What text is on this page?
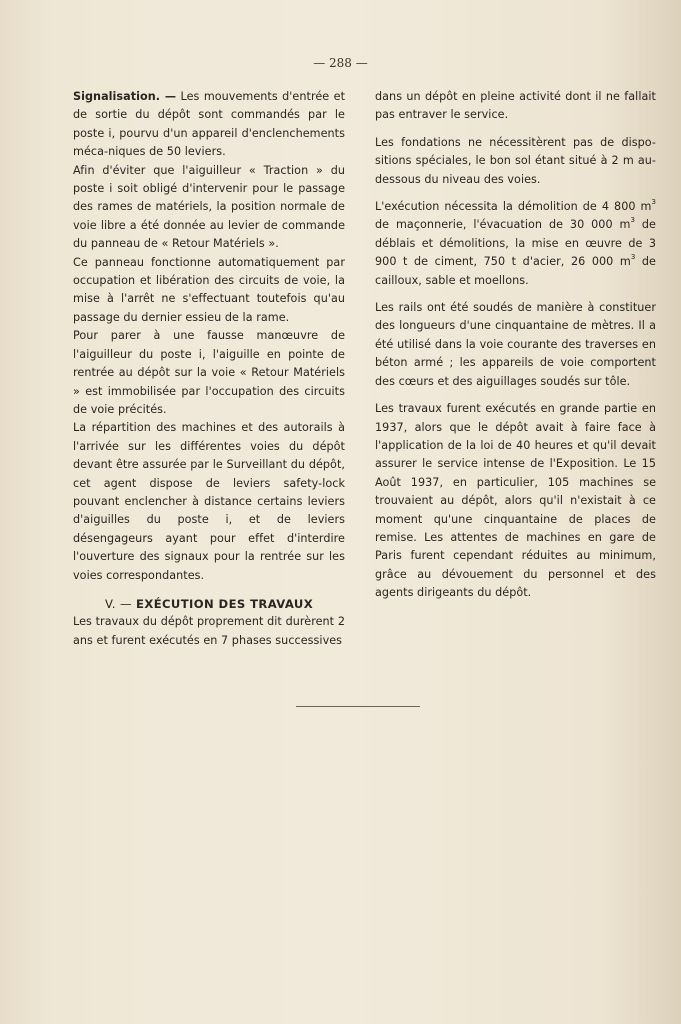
— 288 —

Signalisation. — Les mouvements d'entrée et de sortie du dépôt sont commandés par le poste i, pourvu d'un appareil d'enclenchements méca-niques de 50 leviers.

Afin d'éviter que l'aiguilleur « Traction » du poste i soit obligé d'intervenir pour le passage des rames de matériels, la position normale de voie libre a été donnée au levier de commande du panneau de « Retour Matériels ».

Ce panneau fonctionne automatiquement par occupation et libération des circuits de voie, la mise à l'arrêt ne s'effectuant toutefois qu'au passage du dernier essieu de la rame.

Pour parer à une fausse manœuvre de l'aiguilleur du poste i, l'aiguille en pointe de rentrée au dépôt sur la voie « Retour Matériels » est immobilisée par l'occupation des circuits de voie précités.

La répartition des machines et des autorails à l'arrivée sur les différentes voies du dépôt devant être assurée par le Surveillant du dépôt, cet agent dispose de leviers safety-lock pouvant enclencher à distance certains leviers d'aiguilles du poste i, et de leviers désengageurs ayant pour effet d'interdire l'ouverture des signaux pour la rentrée sur les voies correspondantes.

V. — EXÉCUTION DES TRAVAUX

Les travaux du dépôt proprement dit durèrent 2 ans et furent exécutés en 7 phases successives

dans un dépôt en pleine activité dont il ne fallait pas entraver le service.

Les fondations ne nécessitèrent pas de dispo-sitions spéciales, le bon sol étant situé à 2 m au-dessous du niveau des voies.

L'exécution nécessita la démolition de 4 800 $m^3$ de maçonnerie, l'évacuation de 30 000 $m^3$ de déblais et démolitions, la mise en œuvre de 3 900 t de ciment, 750 t d'acier, 26 000 $m^3$ de cailloux, sable et moellons.

Les rails ont été soudés de manière à constituer des longueurs d'une cinquantaine de mètres. Il a été utilisé dans la voie courante des traverses en béton armé ; les appareils de voie comportent des cœurs et des aiguillages soudés sur tôle.

Les travaux furent exécutés en grande partie en 1937, alors que le dépôt avait à faire face à l'application de la loi de 40 heures et qu'il devait assurer le service intense de l'Exposition. Le 15 Août 1937, en particulier, 105 machines se trouvaient au dépôt, alors qu'il n'existait à ce moment qu'une cinquantaine de places de remise. Les attentes de machines en gare de Paris furent cependant réduites au minimum, grâce au dévouement du personnel et des agents dirigeants du dépôt.
